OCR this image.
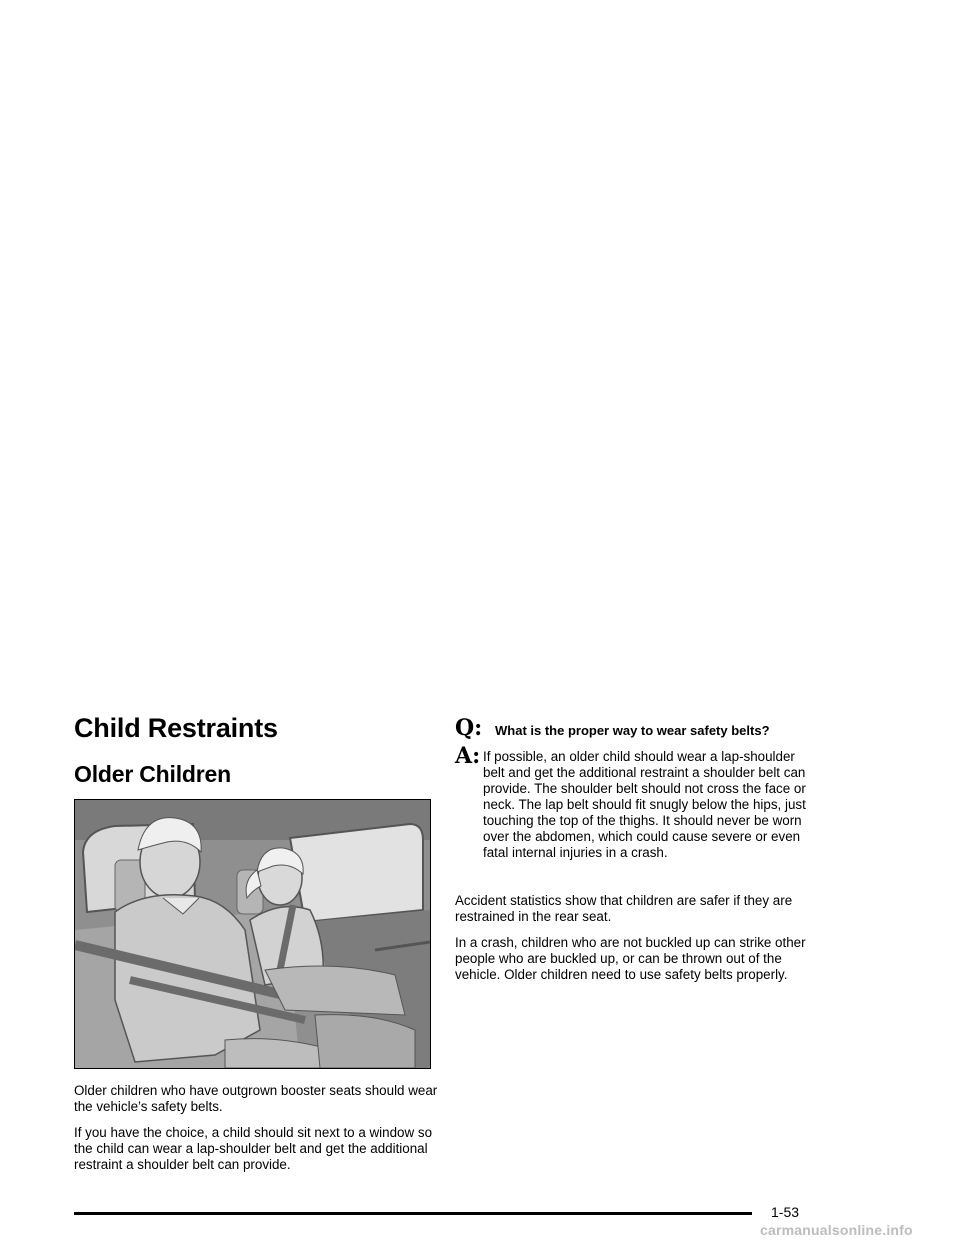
Child Restraints
Older Children

Older children who have outgrown booster seats should wear the vehicle’s safety belts.

If you have the choice, a child should sit next to a window so the child can wear a lap-shoulder belt and get the additional restraint a shoulder belt can provide.

Q: What is the proper way to wear safety belts?
A: If possible, an older child should wear a lap-shoulder belt and get the additional restraint a shoulder belt can provide. The shoulder belt should not cross the face or neck. The lap belt should fit snugly below the hips, just touching the top of the thighs. It should never be worn over the abdomen, which could cause severe or even fatal internal injuries in a crash.

Accident statistics show that children are safer if they are restrained in the rear seat.

In a crash, children who are not buckled up can strike other people who are buckled up, or can be thrown out of the vehicle. Older children need to use safety belts properly.

1-53
carmanualsonline.info
